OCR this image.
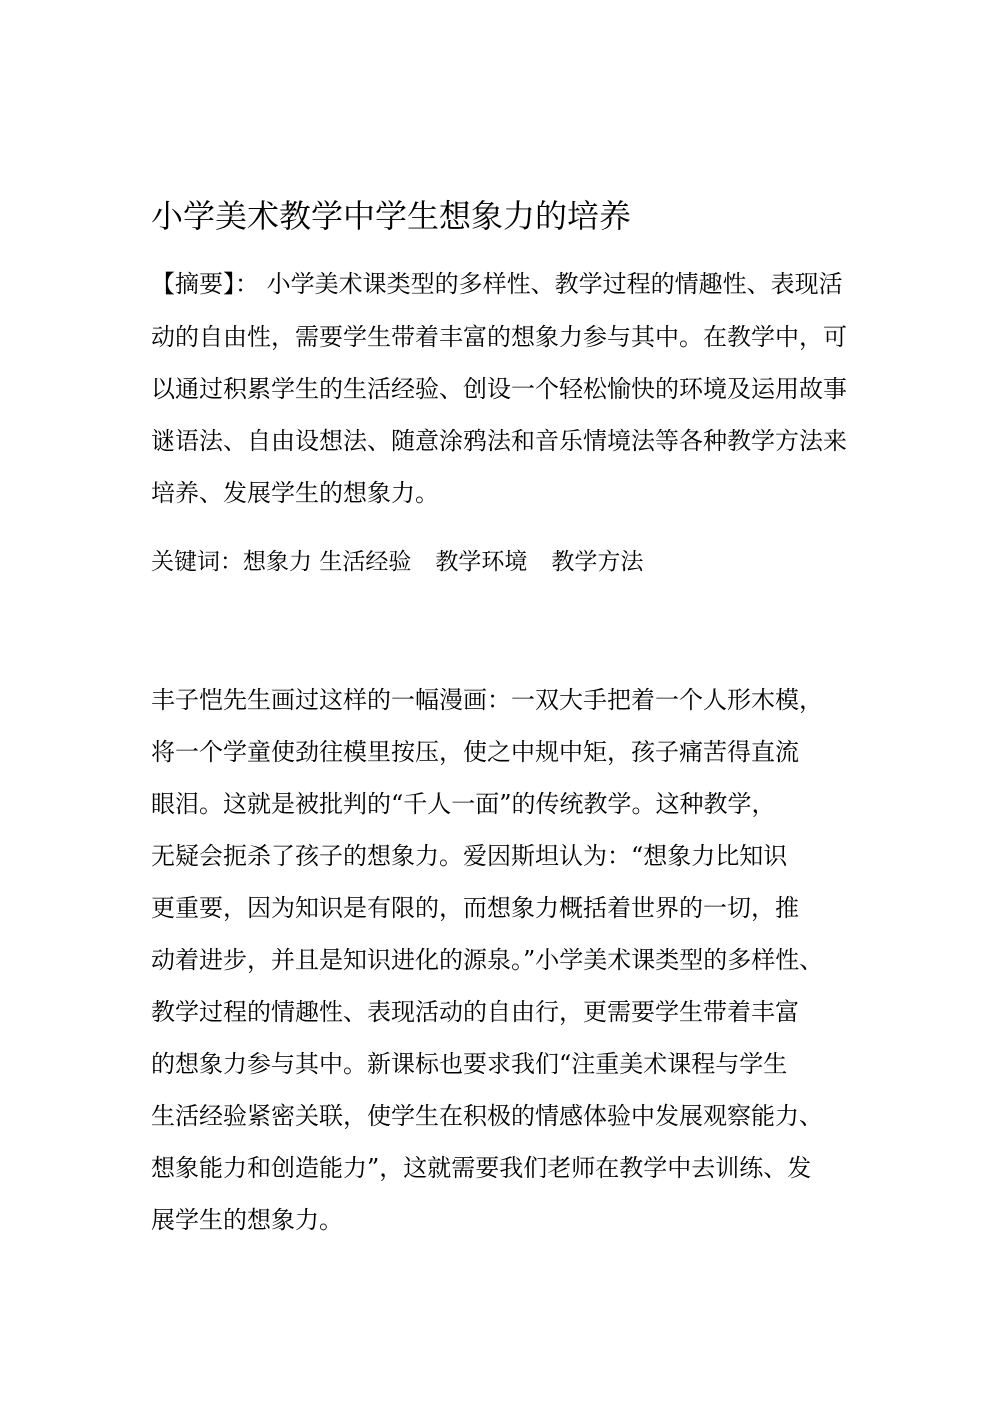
小学美术教学中学生想象力的培养
【摘要】： 小学美术课类型的多样性、教学过程的情趣性、表现活
动的自由性，需要学生带着丰富的想象力参与其中。在教学中，可
以通过积累学生的生活经验、创设一个轻松愉快的环境及运用故事
谜语法、自由设想法、随意涂鸦法和音乐情境法等各种教学方法来
培养、发展学生的想象力。
关键词：想象力 生活经验 教学环境 教学方法
丰子恺先生画过这样的一幅漫画：一双大手把着一个人形木模，
将一个学童使劲往模里按压，使之中规中矩，孩子痛苦得直流
眼泪。这就是被批判的“千人一面”的传统教学。这种教学，
无疑会扼杀了孩子的想象力。爱因斯坦认为：“想象力比知识
更重要，因为知识是有限的，而想象力概括着世界的一切，推
动着进步，并且是知识进化的源泉。”小学美术课类型的多样性、
教学过程的情趣性、表现活动的自由行，更需要学生带着丰富
的想象力参与其中。新课标也要求我们“注重美术课程与学生
生活经验紧密关联，使学生在积极的情感体验中发展观察能力、
想象能力和创造能力”，这就需要我们老师在教学中去训练、发
展学生的想象力。
